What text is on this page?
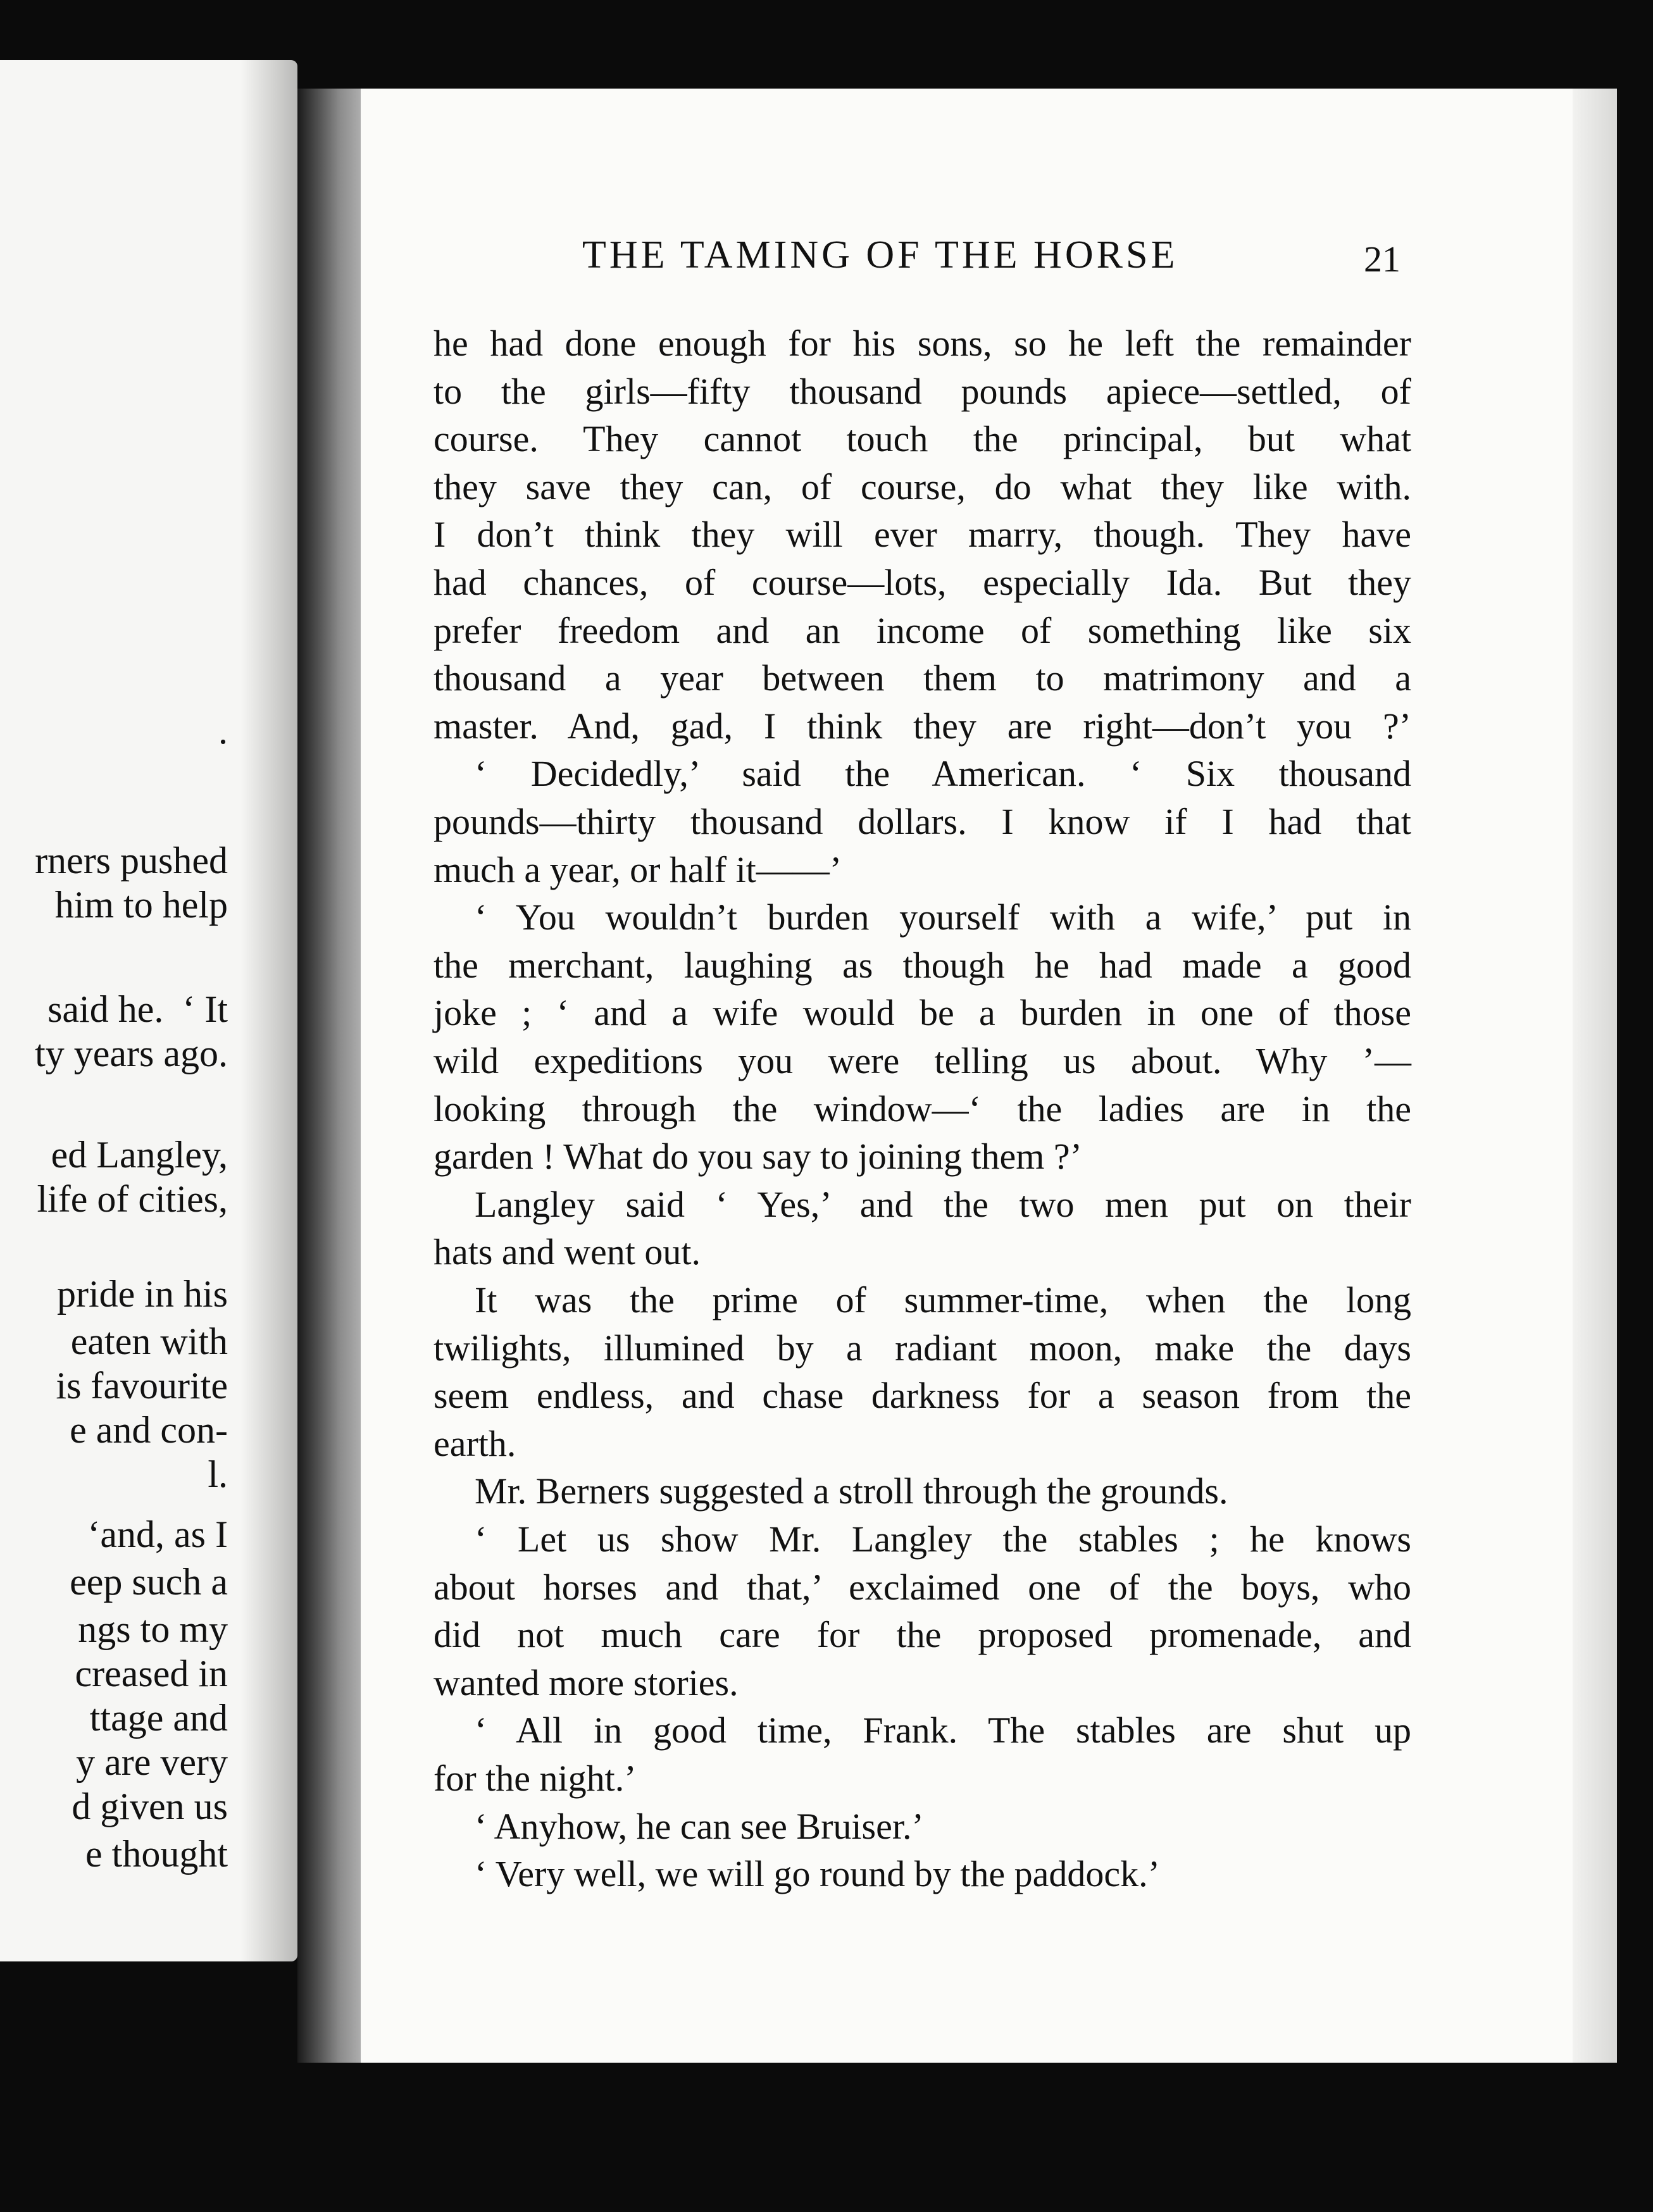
.
rners pushed
him to help
said he.  ‘ It
ty years ago.
ed Langley,
life of cities,
pride in his
eaten with
is favourite
e and con-
l.
‘and, as I
eep such a
ngs to my
creased in
ttage and
y are very
d given us
e thought
THE TAMING OF THE HORSE	21
he had done enough for his sons, so he left the remainder
to the girls—fifty thousand pounds apiece—settled, of
course. They cannot touch the principal, but what
they save they can, of course, do what they like with.
I don’t think they will ever marry, though. They have
had chances, of course—lots, especially Ida. But they
prefer freedom and an income of something like six
thousand a year between them to matrimony and a
master. And, gad, I think they are right—don’t you ?’
‘ Decidedly,’ said the American. ‘ Six thousand
pounds—thirty thousand dollars. I know if I had that
much a year, or half it——’
‘ You wouldn’t burden yourself with a wife,’ put in
the merchant, laughing as though he had made a good
joke ; ‘ and a wife would be a burden in one of those
wild expeditions you were telling us about. Why ’—
looking through the window—‘ the ladies are in the
garden ! What do you say to joining them ?’
Langley said ‘ Yes,’ and the two men put on their
hats and went out.
It was the prime of summer-time, when the long
twilights, illumined by a radiant moon, make the days
seem endless, and chase darkness for a season from the
earth.
Mr. Berners suggested a stroll through the grounds.
‘ Let us show Mr. Langley the stables ; he knows
about horses and that,’ exclaimed one of the boys, who
did not much care for the proposed promenade, and
wanted more stories.
‘ All in good time, Frank. The stables are shut up
for the night.’
‘ Anyhow, he can see Bruiser.’
‘ Very well, we will go round by the paddock.’
